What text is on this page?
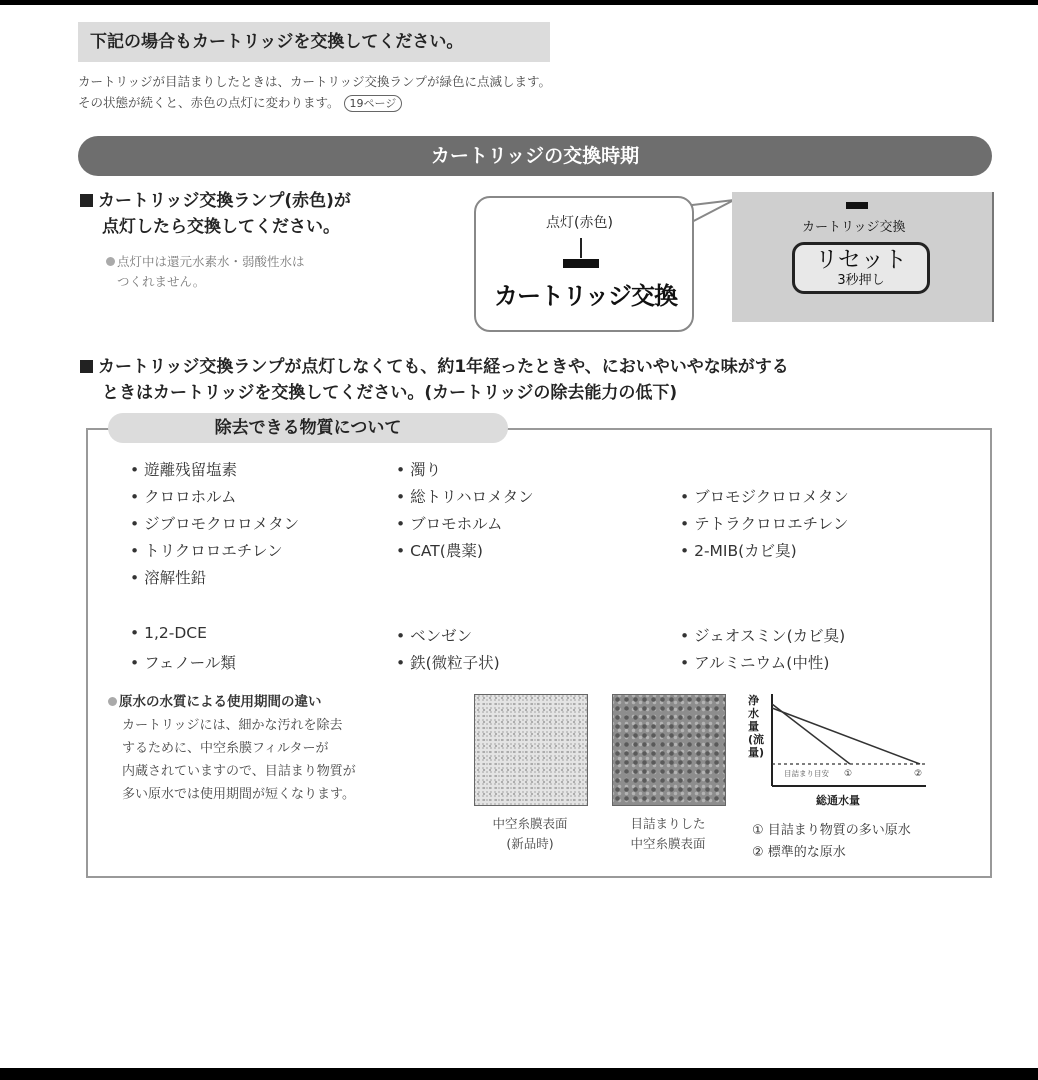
下記の場合もカートリッジを交換してください。
カートリッジが目詰まりしたときは、カートリッジ交換ランプが緑色に点滅します。
その状態が続くと、赤色の点灯に変わります。 19ページ
カートリッジの交換時期
カートリッジ交換ランプ(赤色)が
点灯したら交換してください。
点灯中は還元水素水・弱酸性水は
つくれません。
点灯(赤色)
カートリッジ交換
カートリッジ交換
リセット
3秒押し
カートリッジ交換ランプが点灯しなくても、約1年経ったときや、においやいやな味がする
ときはカートリッジを交換してください。(カートリッジの除去能力の低下)
除去できる物質について
• 遊離残留塩素
• クロロホルム
• ジブロモクロロメタン
• トリクロロエチレン
• 溶解性鉛
• 濁り
• 総トリハロメタン
• ブロモホルム
• CAT(農薬)
• ブロモジクロロメタン
• テトラクロロエチレン
• 2-MIB(カビ臭)
• 1,2-DCE
• フェノール類
• ベンゼン
• 鉄(微粒子状)
• ジェオスミン(カビ臭)
• アルミニウム(中性)
原水の水質による使用期間の違い
カートリッジには、細かな汚れを除去
するために、中空糸膜フィルターが
内蔵されていますので、目詰まり物質が
多い原水では使用期間が短くなります。
中空糸膜表面
(新品時)
目詰まりした
中空糸膜表面
目詰まり目安 ①	②
総通水量
浄水量(流量)
① 目詰まり物質の多い原水
② 標準的な原水
